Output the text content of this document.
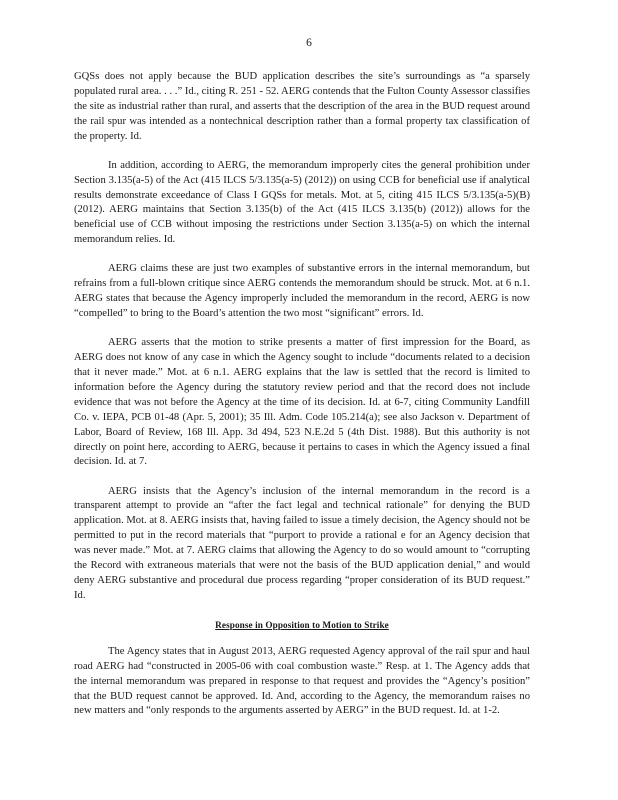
6

GQSs does not apply because the BUD application describes the site’s surroundings as “a sparsely populated rural area. . . .” Id., citing R. 251 - 52. AERG contends that the Fulton County Assessor classifies the site as industrial rather than rural, and asserts that the description of the area in the BUD request around the rail spur was intended as a nontechnical description rather than a formal property tax classification of the property. Id.

In addition, according to AERG, the memorandum improperly cites the general prohibition under Section 3.135(a-5) of the Act (415 ILCS 5/3.135(a-5) (2012)) on using CCB for beneficial use if analytical results demonstrate exceedance of Class I GQSs for metals. Mot. at 5, citing 415 ILCS 5/3.135(a-5)(B) (2012). AERG maintains that Section 3.135(b) of the Act (415 ILCS 3.135(b) (2012)) allows for the beneficial use of CCB without imposing the restrictions under Section 3.135(a-5) on which the internal memorandum relies. Id.

AERG claims these are just two examples of substantive errors in the internal memorandum, but refrains from a full-blown critique since AERG contends the memorandum should be struck. Mot. at 6 n.1. AERG states that because the Agency improperly included the memorandum in the record, AERG is now “compelled” to bring to the Board’s attention the two most “significant” errors. Id.

AERG asserts that the motion to strike presents a matter of first impression for the Board, as AERG does not know of any case in which the Agency sought to include “documents related to a decision that it never made.” Mot. at 6 n.1. AERG explains that the law is settled that the record is limited to information before the Agency during the statutory review period and that the record does not include evidence that was not before the Agency at the time of its decision. Id. at 6-7, citing Community Landfill Co. v. IEPA, PCB 01-48 (Apr. 5, 2001); 35 Ill. Adm. Code 105.214(a); see also Jackson v. Department of Labor, Board of Review, 168 Ill. App. 3d 494, 523 N.E.2d 5 (4th Dist. 1988). But this authority is not directly on point here, according to AERG, because it pertains to cases in which the Agency issued a final decision. Id. at 7.

AERG insists that the Agency’s inclusion of the internal memorandum in the record is a transparent attempt to provide an “after the fact legal and technical rationale” for denying the BUD application. Mot. at 8. AERG insists that, having failed to issue a timely decision, the Agency should not be permitted to put in the record materials that “purport to provide a rational e for an Agency decision that was never made.” Mot. at 7. AERG claims that allowing the Agency to do so would amount to “corrupting the Record with extraneous materials that were not the basis of the BUD application denial,” and would deny AERG substantive and procedural due process regarding “proper consideration of its BUD request.” Id.

Response in Opposition to Motion to Strike

The Agency states that in August 2013, AERG requested Agency approval of the rail spur and haul road AERG had “constructed in 2005-06 with coal combustion waste.” Resp. at 1. The Agency adds that the internal memorandum was prepared in response to that request and provides the “Agency’s position” that the BUD request cannot be approved. Id. And, according to the Agency, the memorandum raises no new matters and “only responds to the arguments asserted by AERG” in the BUD request. Id. at 1-2.
